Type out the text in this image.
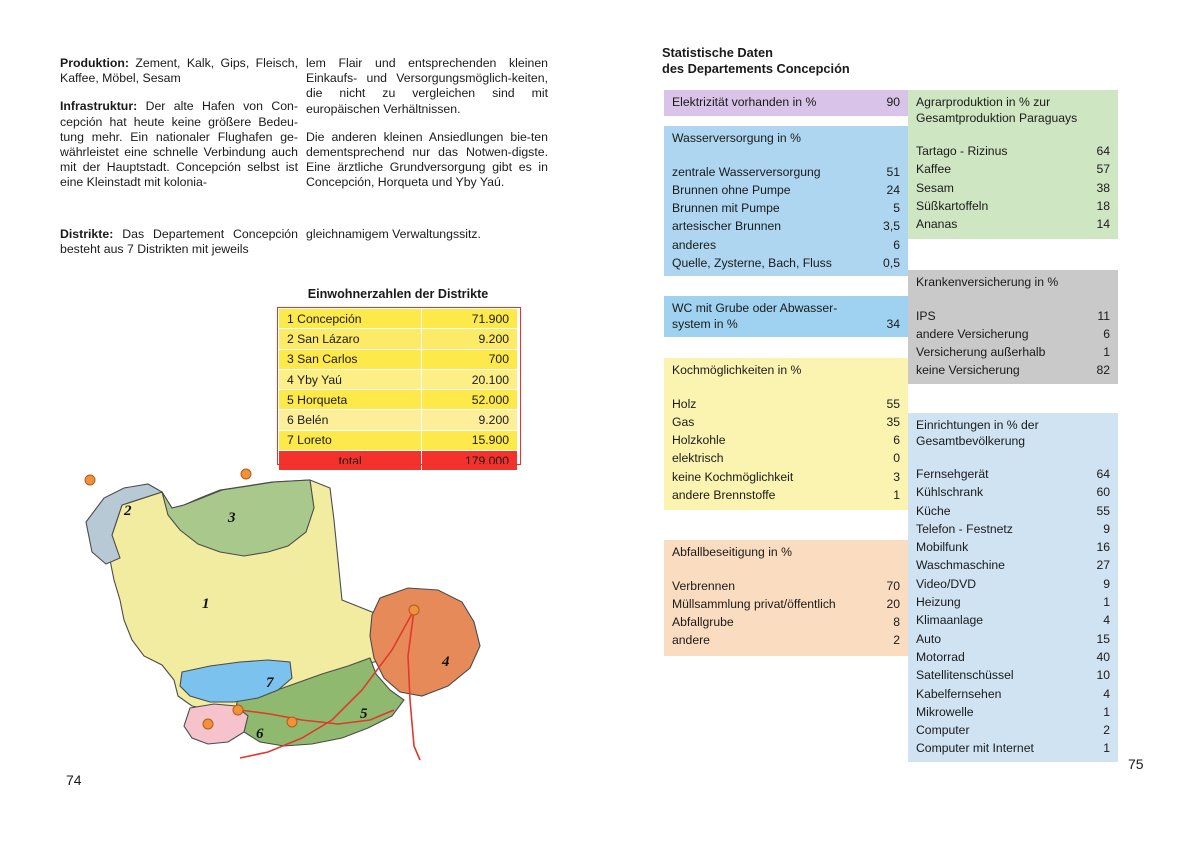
Produktion: Zement, Kalk, Gips, Fleisch, Kaffee, Möbel, Sesam

Infrastruktur: Der alte Hafen von Con-cepción hat heute keine größere Bedeu-tung mehr. Ein nationaler Flughafen ge-währleistet eine schnelle Verbindung auch mit der Hauptstadt. Concepción selbst ist eine Kleinstadt mit kolonia-

lem Flair und entsprechenden kleinen Einkaufs- und Versorgungsmöglich-keiten, die nicht zu vergleichen sind mit europäischen Verhältnissen.

Die anderen kleinen Ansiedlungen bie-ten dementsprechend nur das Notwen-digste. Eine ärztliche Grundversorgung gibt es in Concepción, Horqueta und Yby Yaú.

Distrikte: Das Departement Concepción besteht aus 7 Distrikten mit jeweils
gleichnamigem Verwaltungssitz.
Einwohnerzahlen der Distrikte
1 Concepción	71.900
2 San Lázaro	9.200
3 San Carlos	700
4 Yby Yaú	20.100
5 Horqueta	52.000
6 Belén	9.200
7 Loreto	15.900
total	179.000
2	3
1
4
5
6
7
74
Statistische Daten
des Departements Concepción
Elektrizität vorhanden in %	90
Wasserversorgung in %
zentrale Wasserversorgung	51
Brunnen ohne Pumpe	24
Brunnen mit Pumpe	5
artesischer Brunnen	3,5
anderes	6
Quelle, Zysterne, Bach, Fluss	0,5
WC mit Grube oder Abwasser-system in %	34
Kochmöglichkeiten in %
Holz	55
Gas	35
Holzkohle	6
elektrisch	0
keine Kochmöglichkeit	3
andere Brennstoffe	1
Abfallbeseitigung in %
Verbrennen	70
Müllsammlung privat/öffentlich	20
Abfallgrube	8
andere	2
Agrarproduktion in % zur Gesamtproduktion Paraguays
Tartago - Rizinus	64
Kaffee	57
Sesam	38
Süßkartoffeln	18
Ananas	14
Krankenversicherung in %
IPS	11
andere Versicherung	6
Versicherung außerhalb	1
keine Versicherung	82
Einrichtungen in % der Gesamtbevölkerung
Fernsehgerät	64
Kühlschrank	60
Küche	55
Telefon - Festnetz	9
Mobilfunk	16
Waschmaschine	27
Video/DVD	9
Heizung	1
Klimaanlage	4
Auto	15
Motorrad	40
Satellitenschüssel	10
Kabelfernsehen	4
Mikrowelle	1
Computer	2
Computer mit Internet	1
75
